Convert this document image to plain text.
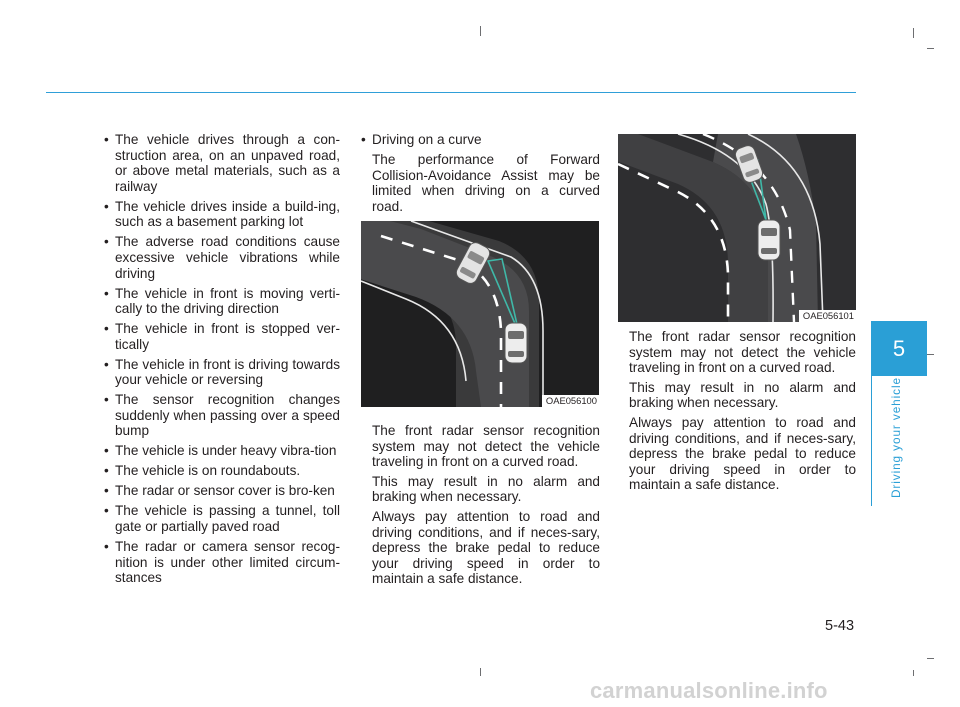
• The vehicle drives through a con-struction area, on an unpaved road, or above metal materials, such as a railway
• The vehicle drives inside a build-ing, such as a basement parking lot
• The adverse road conditions cause excessive vehicle vibrations while driving
• The vehicle in front is moving verti-cally to the driving direction
• The vehicle in front is stopped ver-tically
• The vehicle in front is driving towards your vehicle or reversing
• The sensor recognition changes suddenly when passing over a speed bump
• The vehicle is under heavy vibra-tion
• The vehicle is on roundabouts.
• The radar or sensor cover is bro-ken
• The vehicle is passing a tunnel, toll gate or partially paved road
• The radar or camera sensor recog-nition is under other limited circum-stances
• Driving on a curve

The performance of Forward Collision-Avoidance Assist may be limited when driving on a curved road.

OAE056100

The front radar sensor recognition system may not detect the vehicle traveling in front on a curved road.

This may result in no alarm and braking when necessary.

Always pay attention to road and driving conditions, and if neces-sary, depress the brake pedal to reduce your driving speed in order to maintain a safe distance.

OAE056101

The front radar sensor recognition system may not detect the vehicle traveling in front on a curved road.

This may result in no alarm and braking when necessary.

Always pay attention to road and driving conditions, and if neces-sary, depress the brake pedal to reduce your driving speed in order to maintain a safe distance.

5
Driving your vehicle
5-43
carmanualsonline.info
